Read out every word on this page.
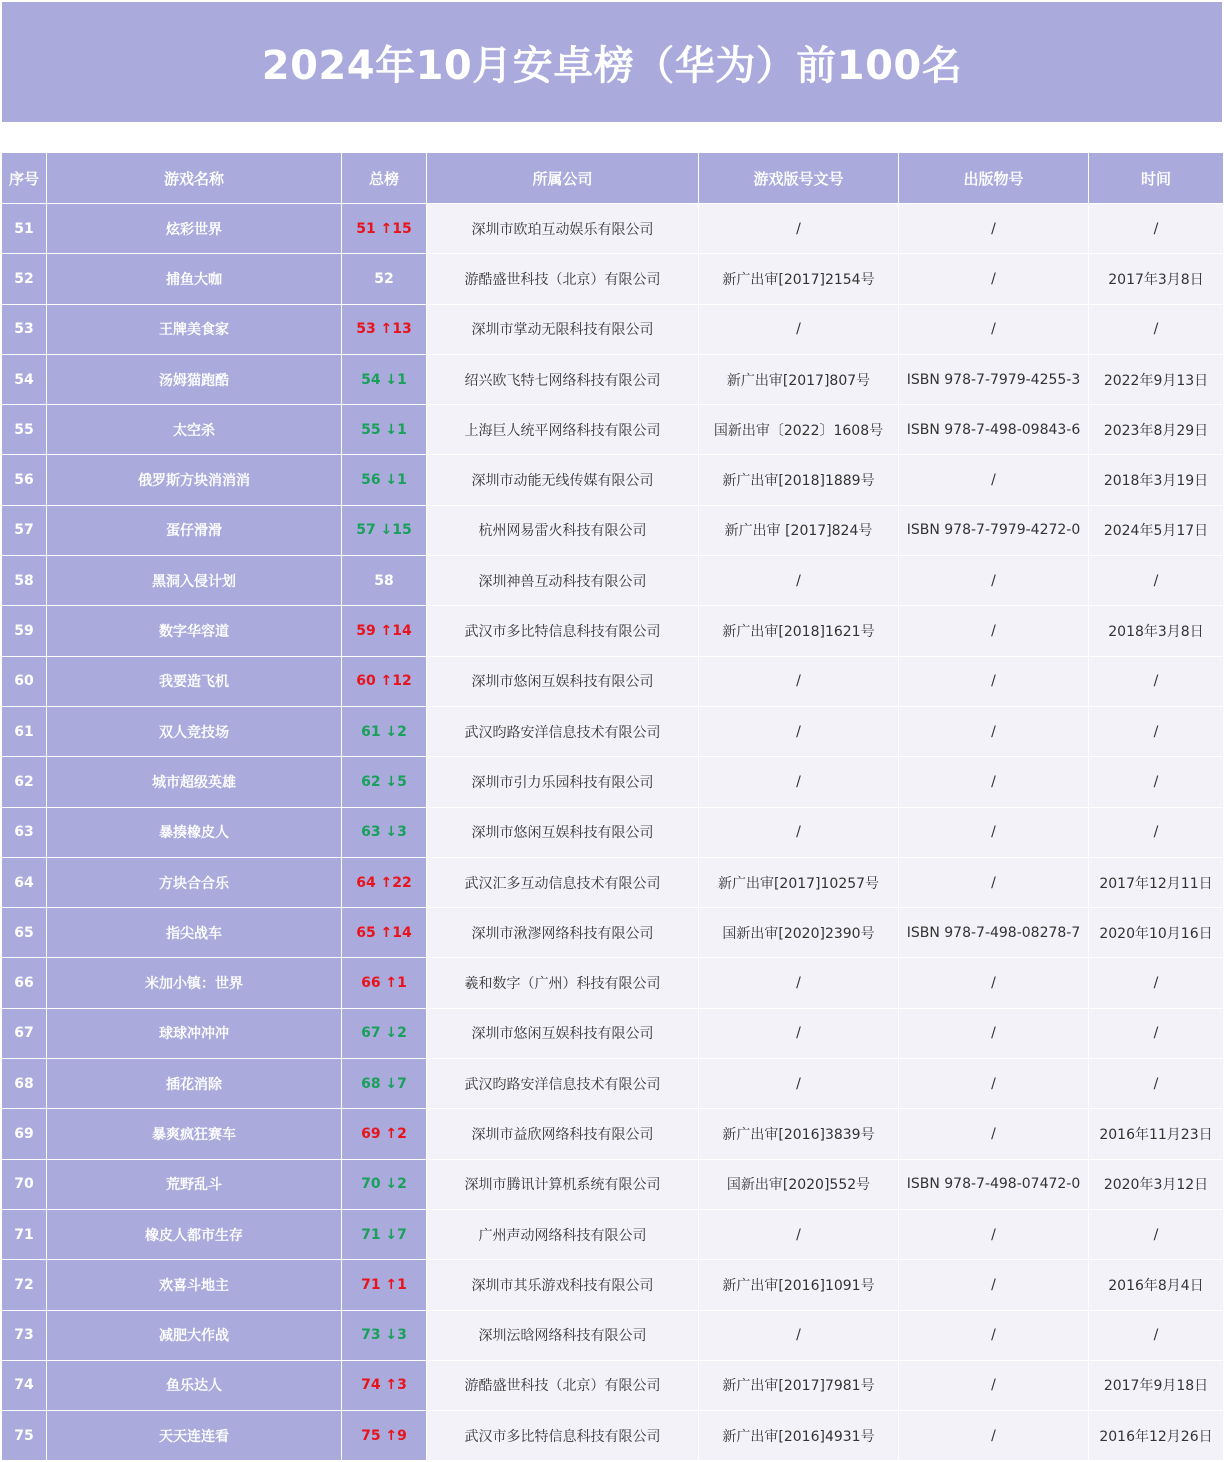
2024年10月安卓榜（华为）前100名
序号	游戏名称	总榜	所属公司	游戏版号文号	出版物号	时间
51	炫彩世界	51 ↑15	深圳市欧珀互动娱乐有限公司	/	/	/
52	捕鱼大咖	52	游酷盛世科技（北京）有限公司	新广出审[2017]2154号	/	2017年3月8日
53	王牌美食家	53 ↑13	深圳市掌动无限科技有限公司	/	/	/
54	汤姆猫跑酷	54 ↓1	绍兴欧飞特七网络科技有限公司	新广出审[2017]807号	ISBN 978-7-7979-4255-3	2022年9月13日
55	太空杀	55 ↓1	上海巨人统平网络科技有限公司	国新出审〔2022〕1608号	ISBN 978-7-498-09843-6	2023年8月29日
56	俄罗斯方块消消消	56 ↓1	深圳市动能无线传媒有限公司	新广出审[2018]1889号	/	2018年3月19日
57	蛋仔滑滑	57 ↓15	杭州网易雷火科技有限公司	新广出审 [2017]824号	ISBN 978-7-7979-4272-0	2024年5月17日
58	黑洞入侵计划	58	深圳神兽互动科技有限公司	/	/	/
59	数字华容道	59 ↑14	武汉市多比特信息科技有限公司	新广出审[2018]1621号	/	2018年3月8日
60	我要造飞机	60 ↑12	深圳市悠闲互娱科技有限公司	/	/	/
61	双人竞技场	61 ↓2	武汉昀路安洋信息技术有限公司	/	/	/
62	城市超级英雄	62 ↓5	深圳市引力乐园科技有限公司	/	/	/
63	暴揍橡皮人	63 ↓3	深圳市悠闲互娱科技有限公司	/	/	/
64	方块合合乐	64 ↑22	武汉汇多互动信息技术有限公司	新广出审[2017]10257号	/	2017年12月11日
65	指尖战车	65 ↑14	深圳市湫漻网络科技有限公司	国新出审[2020]2390号	ISBN 978-7-498-08278-7	2020年10月16日
66	米加小镇：世界	66 ↑1	羲和数字（广州）科技有限公司	/	/	/
67	球球冲冲冲	67 ↓2	深圳市悠闲互娱科技有限公司	/	/	/
68	插花消除	68 ↓7	武汉昀路安洋信息技术有限公司	/	/	/
69	暴爽疯狂赛车	69 ↑2	深圳市益欣网络科技有限公司	新广出审[2016]3839号	/	2016年11月23日
70	荒野乱斗	70 ↓2	深圳市腾讯计算机系统有限公司	国新出审[2020]552号	ISBN 978-7-498-07472-0	2020年3月12日
71	橡皮人都市生存	71 ↓7	广州声动网络科技有限公司	/	/	/
72	欢喜斗地主	71 ↑1	深圳市其乐游戏科技有限公司	新广出审[2016]1091号	/	2016年8月4日
73	减肥大作战	73 ↓3	深圳沄晗网络科技有限公司	/	/	/
74	鱼乐达人	74 ↑3	游酷盛世科技（北京）有限公司	新广出审[2017]7981号	/	2017年9月18日
75	天天连连看	75 ↑9	武汉市多比特信息科技有限公司	新广出审[2016]4931号	/	2016年12月26日
